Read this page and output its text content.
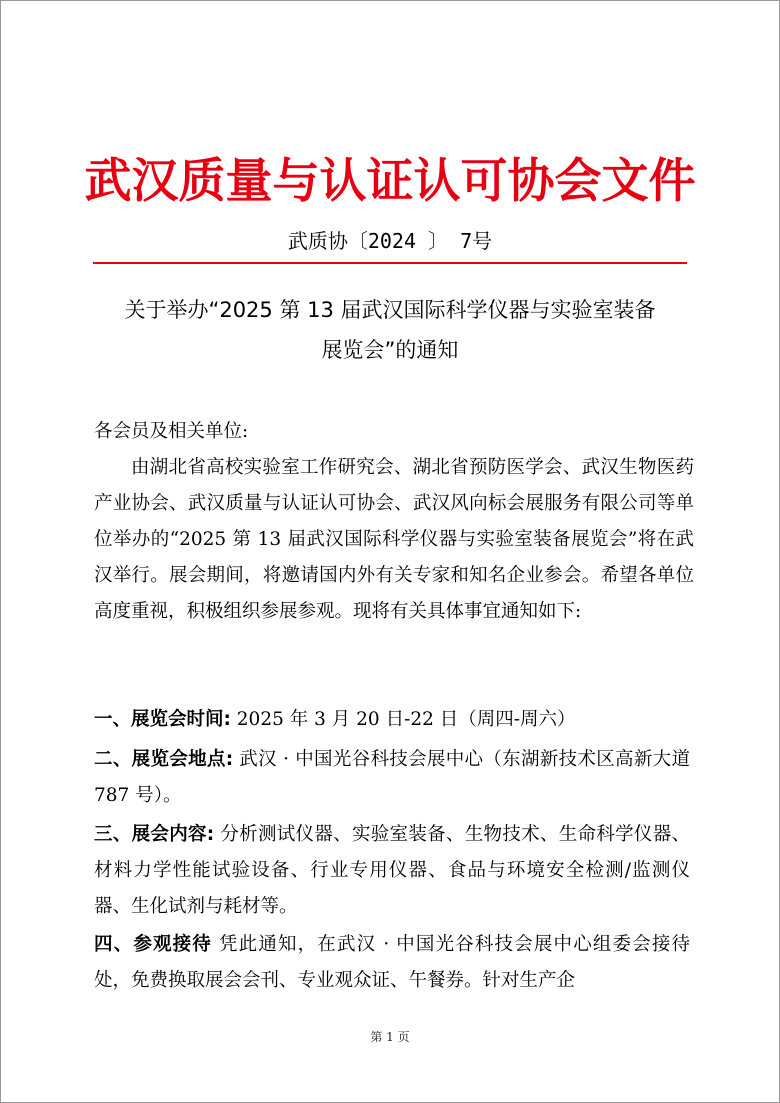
武汉质量与认证认可协会文件
武质协〔2024 〕 7号
关于举办“2025 第 13 届武汉国际科学仪器与实验室装备
展览会”的通知
各会员及相关单位:
由湖北省高校实验室工作研究会、湖北省预防医学会、武汉生物医药产业协会、武汉质量与认证认可协会、武汉风向标会展服务有限公司等单位举办的“2025 第 13 届武汉国际科学仪器与实验室装备展览会”将在武汉举行。展会期间，将邀请国内外有关专家和知名企业参会。希望各单位高度重视，积极组织参展参观。现将有关具体事宜通知如下:
一、展览会时间: 2025 年 3 月 20 日-22 日（周四-周六）
二、展览会地点: 武汉 · 中国光谷科技会展中心（东湖新技术区高新大道 787 号）。
三、展会内容: 分析测试仪器、实验室装备、生物技术、生命科学仪器、材料力学性能试验设备、行业专用仪器、食品与环境安全检测/监测仪器、生化试剂与耗材等。
四、参观接待 凭此通知，在武汉 · 中国光谷科技会展中心组委会接待处，免费换取展会会刊、专业观众证、午餐券。针对生产企
第 1 页
